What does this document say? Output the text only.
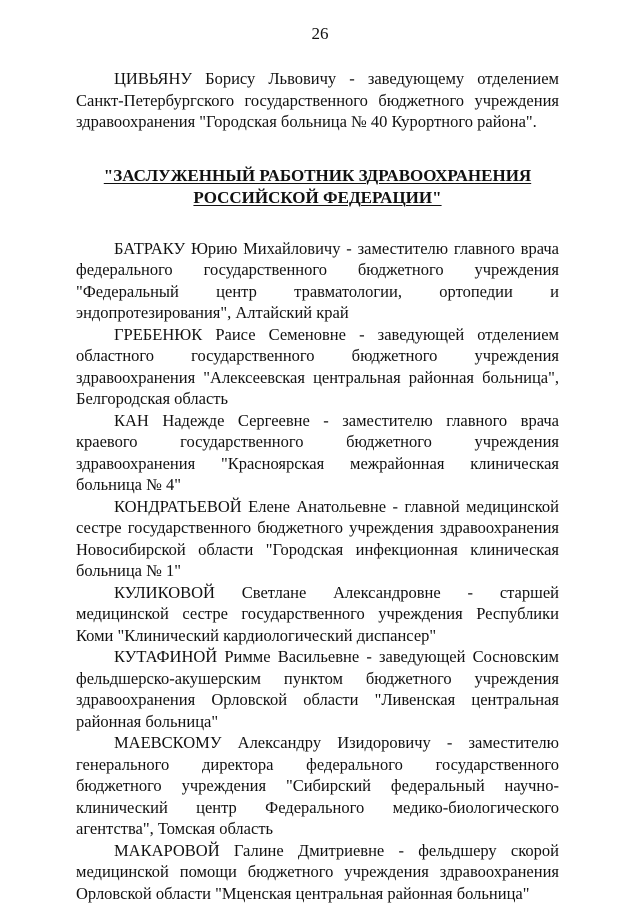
26

ЦИВЬЯНУ Борису Львовичу - заведующему отделением Санкт-Петербургского государственного бюджетного учреждения здравоохранения "Городская больница № 40 Курортного района".

"ЗАСЛУЖЕННЫЙ РАБОТНИК ЗДРАВООХРАНЕНИЯ
РОССИЙСКОЙ ФЕДЕРАЦИИ"

БАТРАКУ Юрию Михайловичу - заместителю главного врача федерального государственного бюджетного учреждения "Федеральный центр травматологии, ортопедии и эндопротезирования", Алтайский край

ГРЕБЕНЮК Раисе Семеновне - заведующей отделением областного государственного бюджетного учреждения здравоохранения "Алексеевская центральная районная больница", Белгородская область

КАН Надежде Сергеевне - заместителю главного врача краевого государственного бюджетного учреждения здравоохранения "Красноярская межрайонная клиническая больница № 4"

КОНДРАТЬЕВОЙ Елене Анатольевне - главной медицинской сестре государственного бюджетного учреждения здравоохранения Новосибирской области "Городская инфекционная клиническая больница № 1"

КУЛИКОВОЙ Светлане Александровне - старшей медицинской сестре государственного учреждения Республики Коми "Клинический кардиологический диспансер"

КУТАФИНОЙ Римме Васильевне - заведующей Сосновским фельдшерско-акушерским пунктом бюджетного учреждения здравоохранения Орловской области "Ливенская центральная районная больница"

МАЕВСКОМУ Александру Изидоровичу - заместителю генерального директора федерального государственного бюджетного учреждения "Сибирский федеральный научно-клинический центр Федерального медико-биологического агентства", Томская область

МАКАРОВОЙ Галине Дмитриевне - фельдшеру скорой медицинской помощи бюджетного учреждения здравоохранения Орловской области "Мценская центральная районная больница"
